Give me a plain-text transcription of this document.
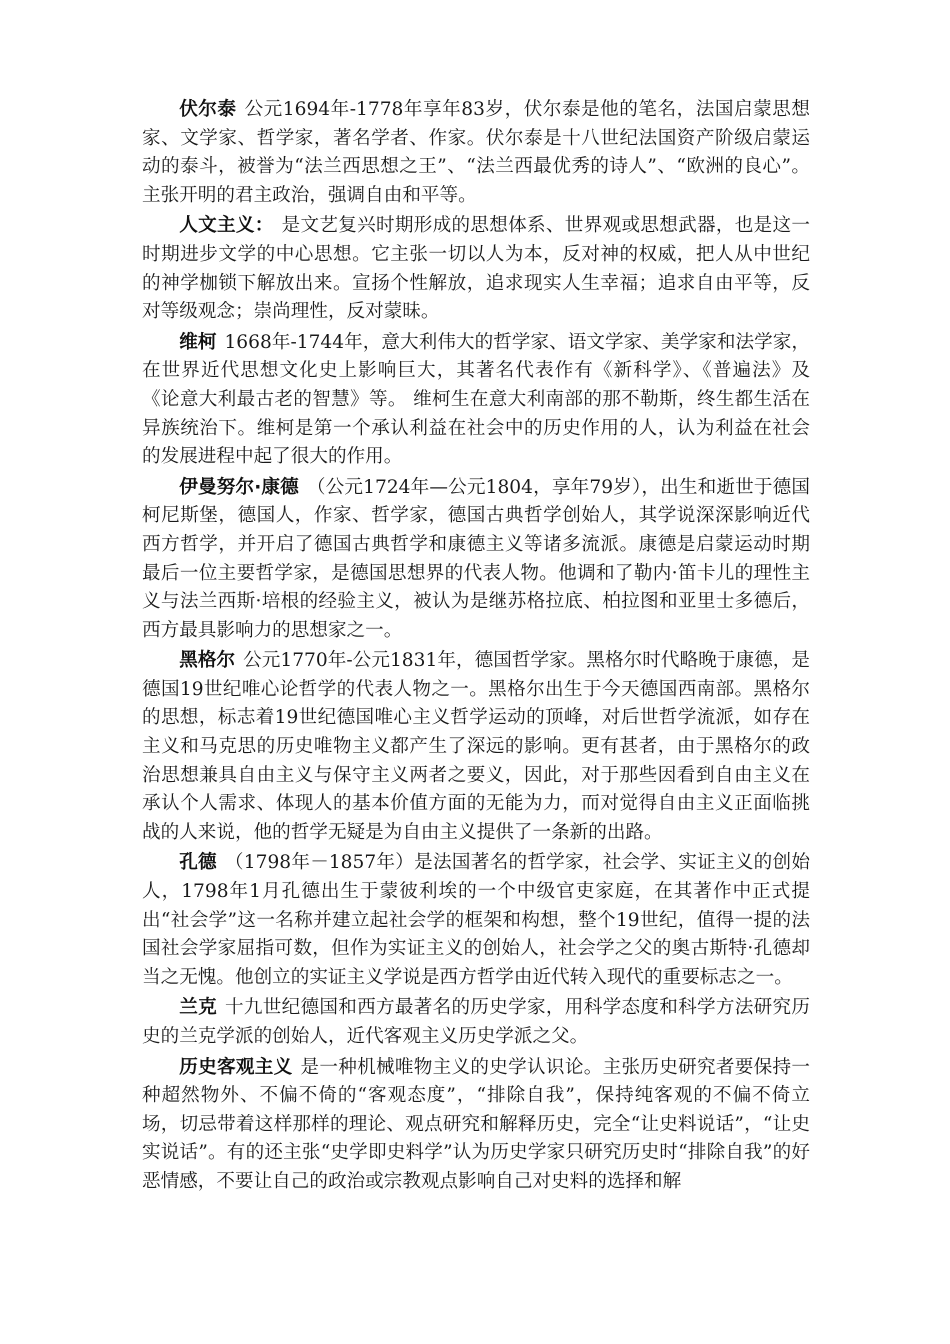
伏尔泰 公元1694年-1778年享年83岁，伏尔泰是他的笔名，法国启蒙思想家、文学家、哲学家，著名学者、作家。伏尔泰是十八世纪法国资产阶级启蒙运动的泰斗，被誉为“法兰西思想之王”、“法兰西最优秀的诗人”、“欧洲的良心”。主张开明的君主政治，强调自由和平等。

人文主义： 是文艺复兴时期形成的思想体系、世界观或思想武器，也是这一时期进步文学的中心思想。它主张一切以人为本，反对神的权威，把人从中世纪的神学枷锁下解放出来。宣扬个性解放，追求现实人生幸福；追求自由平等，反对等级观念；崇尚理性，反对蒙昧。

维柯 1668年-1744年，意大利伟大的哲学家、语文学家、美学家和法学家，在世界近代思想文化史上影响巨大，其著名代表作有《新科学》、《普遍法》及《论意大利最古老的智慧》等。 维柯生在意大利南部的那不勒斯，终生都生活在异族统治下。维柯是第一个承认利益在社会中的历史作用的人，认为利益在社会的发展进程中起了很大的作用。

伊曼努尔·康德 （公元1724年—公元1804，享年79岁），出生和逝世于德国柯尼斯堡，德国人，作家、哲学家，德国古典哲学创始人，其学说深深影响近代西方哲学，并开启了德国古典哲学和康德主义等诸多流派。康德是启蒙运动时期最后一位主要哲学家，是德国思想界的代表人物。他调和了勒内·笛卡儿的理性主义与法兰西斯·培根的经验主义，被认为是继苏格拉底、柏拉图和亚里士多德后，西方最具影响力的思想家之一。

黑格尔 公元1770年-公元1831年，德国哲学家。黑格尔时代略晚于康德，是德国19世纪唯心论哲学的代表人物之一。黑格尔出生于今天德国西南部。黑格尔的思想，标志着19世纪德国唯心主义哲学运动的顶峰，对后世哲学流派，如存在主义和马克思的历史唯物主义都产生了深远的影响。更有甚者，由于黑格尔的政治思想兼具自由主义与保守主义两者之要义，因此，对于那些因看到自由主义在承认个人需求、体现人的基本价值方面的无能为力，而对觉得自由主义正面临挑战的人来说，他的哲学无疑是为自由主义提供了一条新的出路。

孔德 （1798年－1857年）是法国著名的哲学家，社会学、实证主义的创始人，1798年1月孔德出生于蒙彼利埃的一个中级官吏家庭，在其著作中正式提出“社会学”这一名称并建立起社会学的框架和构想，整个19世纪，值得一提的法国社会学家屈指可数，但作为实证主义的创始人，社会学之父的奥古斯特·孔德却当之无愧。他创立的实证主义学说是西方哲学由近代转入现代的重要标志之一。

兰克 十九世纪德国和西方最著名的历史学家，用科学态度和科学方法研究历史的兰克学派的创始人，近代客观主义历史学派之父。

历史客观主义 是一种机械唯物主义的史学认识论。主张历史研究者要保持一种超然物外、不偏不倚的“客观态度”，“排除自我”，保持纯客观的不偏不倚立场，切忌带着这样那样的理论、观点研究和解释历史，完全“让史料说话”，“让史实说话”。有的还主张“史学即史料学”认为历史学家只研究历史时“排除自我”的好恶情感，不要让自己的政治或宗教观点影响自己对史料的选择和解
